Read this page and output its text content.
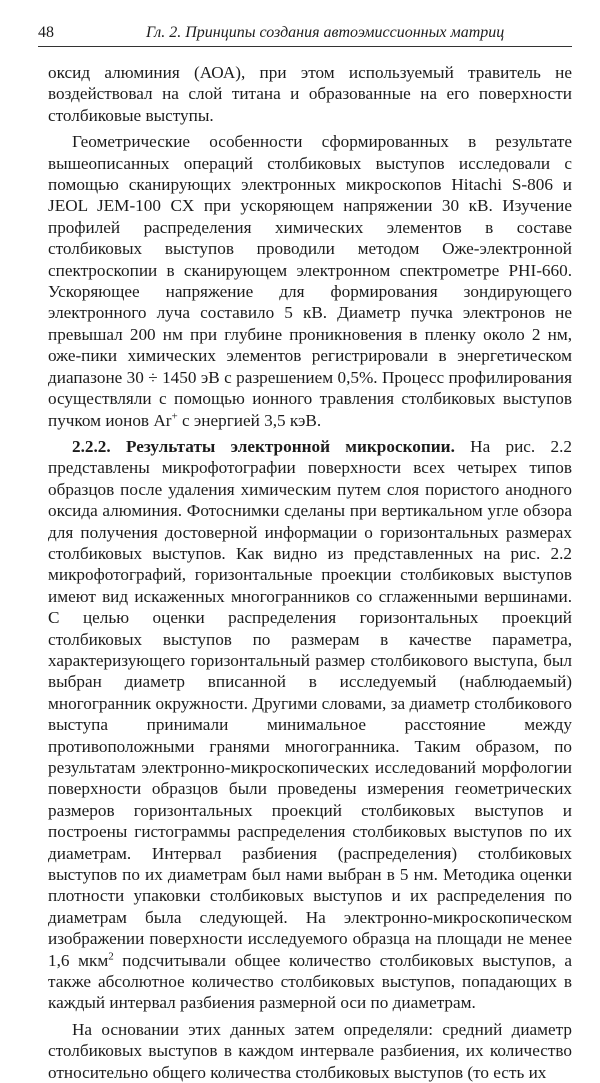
48	Гл. 2. Принципы создания автоэмиссионных матриц

оксид алюминия (АОА), при этом используемый травитель не воздействовал на слой титана и образованные на его поверхности столбиковые выступы.

Геометрические особенности сформированных в результате вышеописанных операций столбиковых выступов исследовали с помощью сканирующих электронных микроскопов Hitachi S-806 и JEOL JEM-100 CX при ускоряющем напряжении 30 кВ. Изучение профилей распределения химических элементов в составе столбиковых выступов проводили методом Оже-электронной спектроскопии в сканирующем электронном спектрометре PHI-660. Ускоряющее напряжение для формирования зондирующего электронного луча составило 5 кВ. Диаметр пучка электронов не превышал 200 нм при глубине проникновения в пленку около 2 нм, оже-пики химических элементов регистрировали в энергетическом диапазоне 30 ÷ 1450 эВ с разрешением 0,5%. Процесс профилирования осуществляли с помощью ионного травления столбиковых выступов пучком ионов Ar+ с энергией 3,5 кэВ.

2.2.2. Результаты электронной микроскопии. На рис. 2.2 представлены микрофотографии поверхности всех четырех типов образцов после удаления химическим путем слоя пористого анодного оксида алюминия. Фотоснимки сделаны при вертикальном угле обзора для получения достоверной информации о горизонтальных размерах столбиковых выступов. Как видно из представленных на рис. 2.2 микрофотографий, горизонтальные проекции столбиковых выступов имеют вид искаженных многогранников со сглаженными вершинами. С целью оценки распределения горизонтальных проекций столбиковых выступов по размерам в качестве параметра, характеризующего горизонтальный размер столбикового выступа, был выбран диаметр вписанной в исследуемый (наблюдаемый) многогранник окружности. Другими словами, за диаметр столбикового выступа принимали минимальное расстояние между противоположными гранями многогранника. Таким образом, по результатам электронно-микроскопических исследований морфологии поверхности образцов были проведены измерения геометрических размеров горизонтальных проекций столбиковых выступов и построены гистограммы распределения столбиковых выступов по их диаметрам. Интервал разбиения (распределения) столбиковых выступов по их диаметрам был нами выбран в 5 нм. Методика оценки плотности упаковки столбиковых выступов и их распределения по диаметрам была следующей. На электронно-микроскопическом изображении поверхности исследуемого образца на площади не менее 1,6 мкм$^2$ подсчитывали общее количество столбиковых выступов, а также абсолютное количество столбиковых выступов, попадающих в каждый интервал разбиения размерной оси по диаметрам.

На основании этих данных затем определяли: средний диаметр столбиковых выступов в каждом интервале разбиения, их количество относительно общего количества столбиковых выступов (то есть их
